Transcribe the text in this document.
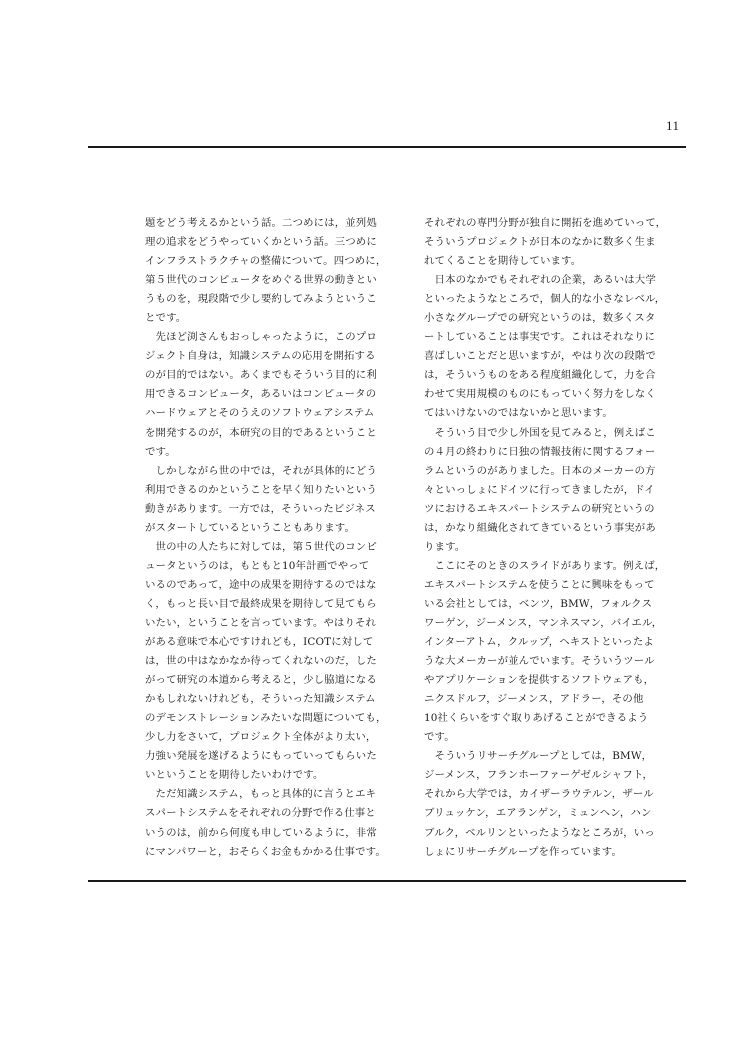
11
題をどう考えるかという話。二つめには，並列処
理の追求をどうやっていくかという話。三つめに
インフラストラクチャの整備について。四つめに，
第５世代のコンピュータをめぐる世界の動きとい
うものを，現段階で少し要約してみようというこ
とです。
　先ほど渕さんもおっしゃったように，このプロ
ジェクト自身は，知識システムの応用を開拓する
のが目的ではない。あくまでもそういう目的に利
用できるコンピュータ，あるいはコンピュータの
ハードウェアとそのうえのソフトウェアシステム
を開発するのが，本研究の目的であるということ
です。
　しかしながら世の中では，それが具体的にどう
利用できるのかということを早く知りたいという
動きがあります。一方では，そういったビジネス
がスタートしているということもあります。
　世の中の人たちに対しては，第５世代のコンピ
ュータというのは，もともと10年計画でやって
いるのであって，途中の成果を期待するのではな
く，もっと長い目で最終成果を期待して見てもら
いたい，ということを言っています。やはりそれ
がある意味で本心ですけれども，ICOTに対して
は，世の中はなかなか待ってくれないのだ，した
がって研究の本道から考えると，少し脇道になる
かもしれないけれども，そういった知識システム
のデモンストレーションみたいな問題についても，
少し力をさいて，プロジェクト全体がより太い，
力強い発展を遂げるようにもっていってもらいた
いということを期待したいわけです。
　ただ知識システム，もっと具体的に言うとエキ
スパートシステムをそれぞれの分野で作る仕事と
いうのは，前から何度も申しているように，非常
にマンパワーと，おそらくお金もかかる仕事です。
それぞれの専門分野が独自に開拓を進めていって，
そういうプロジェクトが日本のなかに数多く生ま
れてくることを期待しています。
　日本のなかでもそれぞれの企業，あるいは大学
といったようなところで，個人的な小さなレベル，
小さなグループでの研究というのは，数多くスタ
ートしていることは事実です。これはそれなりに
喜ばしいことだと思いますが，やはり次の段階で
は，そういうものをある程度組織化して，力を合
わせて実用規模のものにもっていく努力をしなく
てはいけないのではないかと思います。
　そういう目で少し外国を見てみると，例えばこ
の４月の終わりに日独の情報技術に関するフォー
ラムというのがありました。日本のメーカーの方
々といっしょにドイツに行ってきましたが，ドイ
ツにおけるエキスパートシステムの研究というの
は，かなり組織化されてきているという事実があ
ります。
　ここにそのときのスライドがあります。例えば，
エキスパートシステムを使うことに興味をもって
いる会社としては，ベンツ，BMW，フォルクス
ワーゲン，ジーメンス，マンネスマン，バイエル，
インターアトム，クルップ，ヘキストといったよ
うな大メーカーが並んでいます。そういうツール
やアプリケーションを提供するソフトウェアも，
ニクスドルフ，ジーメンス，アドラー，その他
10社くらいをすぐ取りあげることができるよう
です。
　そういうリサーチグループとしては，BMW，
ジーメンス，フランホーファーゲゼルシャフト，
それから大学では，カイザーラウテルン，ザール
ブリュッケン，エアランゲン，ミュンヘン，ハン
ブルク，ベルリンといったようなところが，いっ
しょにリサーチグループを作っています。
